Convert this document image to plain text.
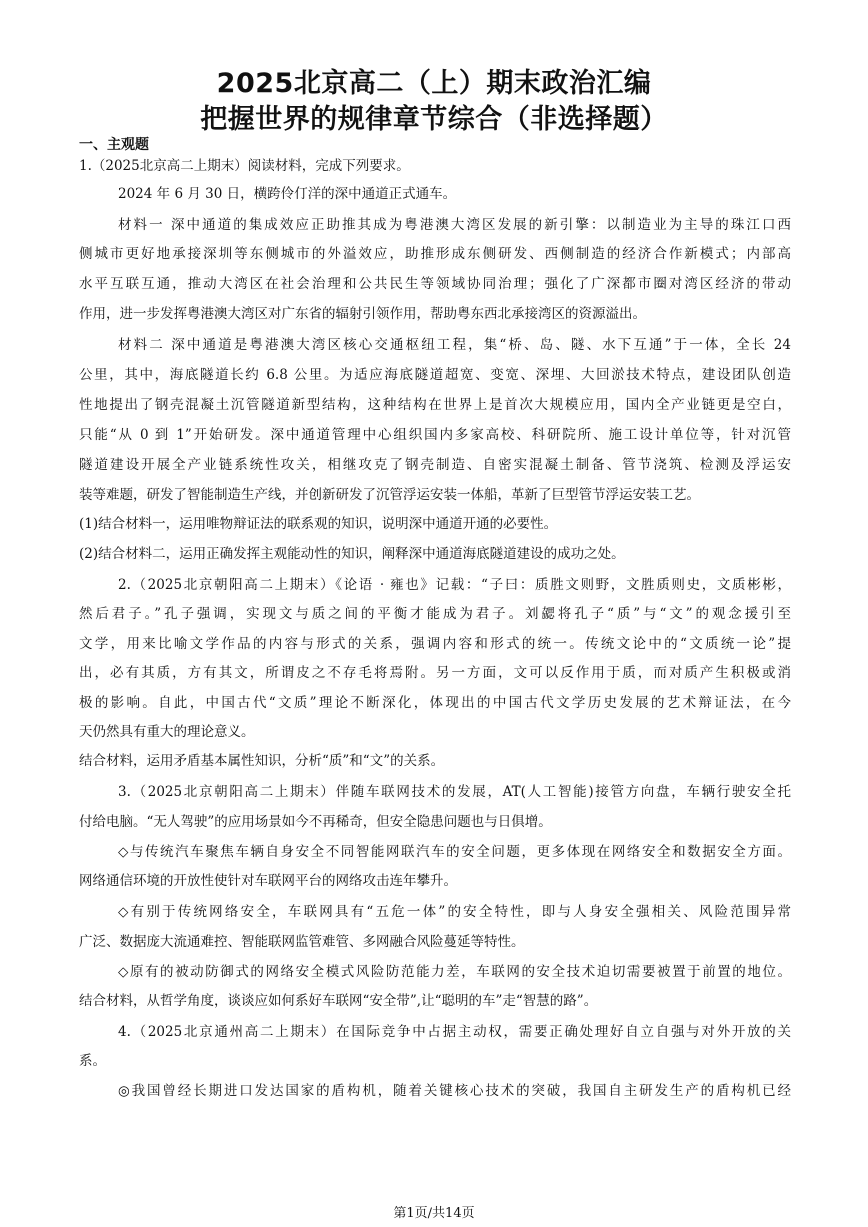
2025北京高二（上）期末政治汇编
把握世界的规律章节综合（非选择题）
一、主观题
1.（2025北京高二上期末）阅读材料，完成下列要求。
2024 年 6 月 30 日，横跨伶仃洋的深中通道正式通车。
材料一 深中通道的集成效应正助推其成为粤港澳大湾区发展的新引擎：以制造业为主导的珠江口西
侧城市更好地承接深圳等东侧城市的外溢效应，助推形成东侧研发、西侧制造的经济合作新模式；内部高
水平互联互通，推动大湾区在社会治理和公共民生等领域协同治理；强化了广深都市圈对湾区经济的带动
作用，进一步发挥粤港澳大湾区对广东省的辐射引领作用，帮助粤东西北承接湾区的资源溢出。
材料二 深中通道是粤港澳大湾区核心交通枢纽工程，集“桥、岛、隧、水下互通”于一体，全长 24
公里，其中，海底隧道长约 6.8 公里。为适应海底隧道超宽、变宽、深埋、大回淤技术特点，建设团队创造
性地提出了钢壳混凝土沉管隧道新型结构，这种结构在世界上是首次大规模应用，国内全产业链更是空白，
只能“从 0 到 1”开始研发。深中通道管理中心组织国内多家高校、科研院所、施工设计单位等，针对沉管
隧道建设开展全产业链系统性攻关，相继攻克了钢壳制造、自密实混凝土制备、管节浇筑、检测及浮运安
装等难题，研发了智能制造生产线，并创新研发了沉管浮运安装一体船，革新了巨型管节浮运安装工艺。
(1)结合材料一，运用唯物辩证法的联系观的知识，说明深中通道开通的必要性。
(2)结合材料二，运用正确发挥主观能动性的知识，阐释深中通道海底隧道建设的成功之处。
2.（2025北京朝阳高二上期末）《论语 · 雍也》记载：“子曰：质胜文则野，文胜质则史，文质彬彬，
然后君子。”孔子强调，实现文与质之间的平衡才能成为君子。刘勰将孔子“质”与“文”的观念援引至
文学，用来比喻文学作品的内容与形式的关系，强调内容和形式的统一。传统文论中的“文质统一论”提
出，必有其质，方有其文，所谓皮之不存毛将焉附。另一方面，文可以反作用于质，而对质产生积极或消
极的影响。自此，中国古代“文质”理论不断深化，体现出的中国古代文学历史发展的艺术辩证法，在今
天仍然具有重大的理论意义。
结合材料，运用矛盾基本属性知识，分析“质”和“文”的关系。
3.（2025北京朝阳高二上期末）伴随车联网技术的发展，AT(人工智能)接管方向盘，车辆行驶安全托
付给电脑。“无人驾驶”的应用场景如今不再稀奇，但安全隐患问题也与日俱增。
◇与传统汽车聚焦车辆自身安全不同智能网联汽车的安全问题，更多体现在网络安全和数据安全方面。
网络通信环境的开放性使针对车联网平台的网络攻击连年攀升。
◇有别于传统网络安全，车联网具有“五危一体”的安全特性，即与人身安全强相关、风险范围异常
广泛、数据庞大流通难控、智能联网监管难管、多网融合风险蔓延等特性。
◇原有的被动防御式的网络安全模式风险防范能力差，车联网的安全技术迫切需要被置于前置的地位。
结合材料，从哲学角度，谈谈应如何系好车联网“安全带”,让“聪明的车”走“智慧的路”。
4.（2025北京通州高二上期末）在国际竞争中占据主动权，需要正确处理好自立自强与对外开放的关
系。
◎我国曾经长期进口发达国家的盾构机，随着关键核心技术的突破，我国自主研发生产的盾构机已经
第1页/共14页
